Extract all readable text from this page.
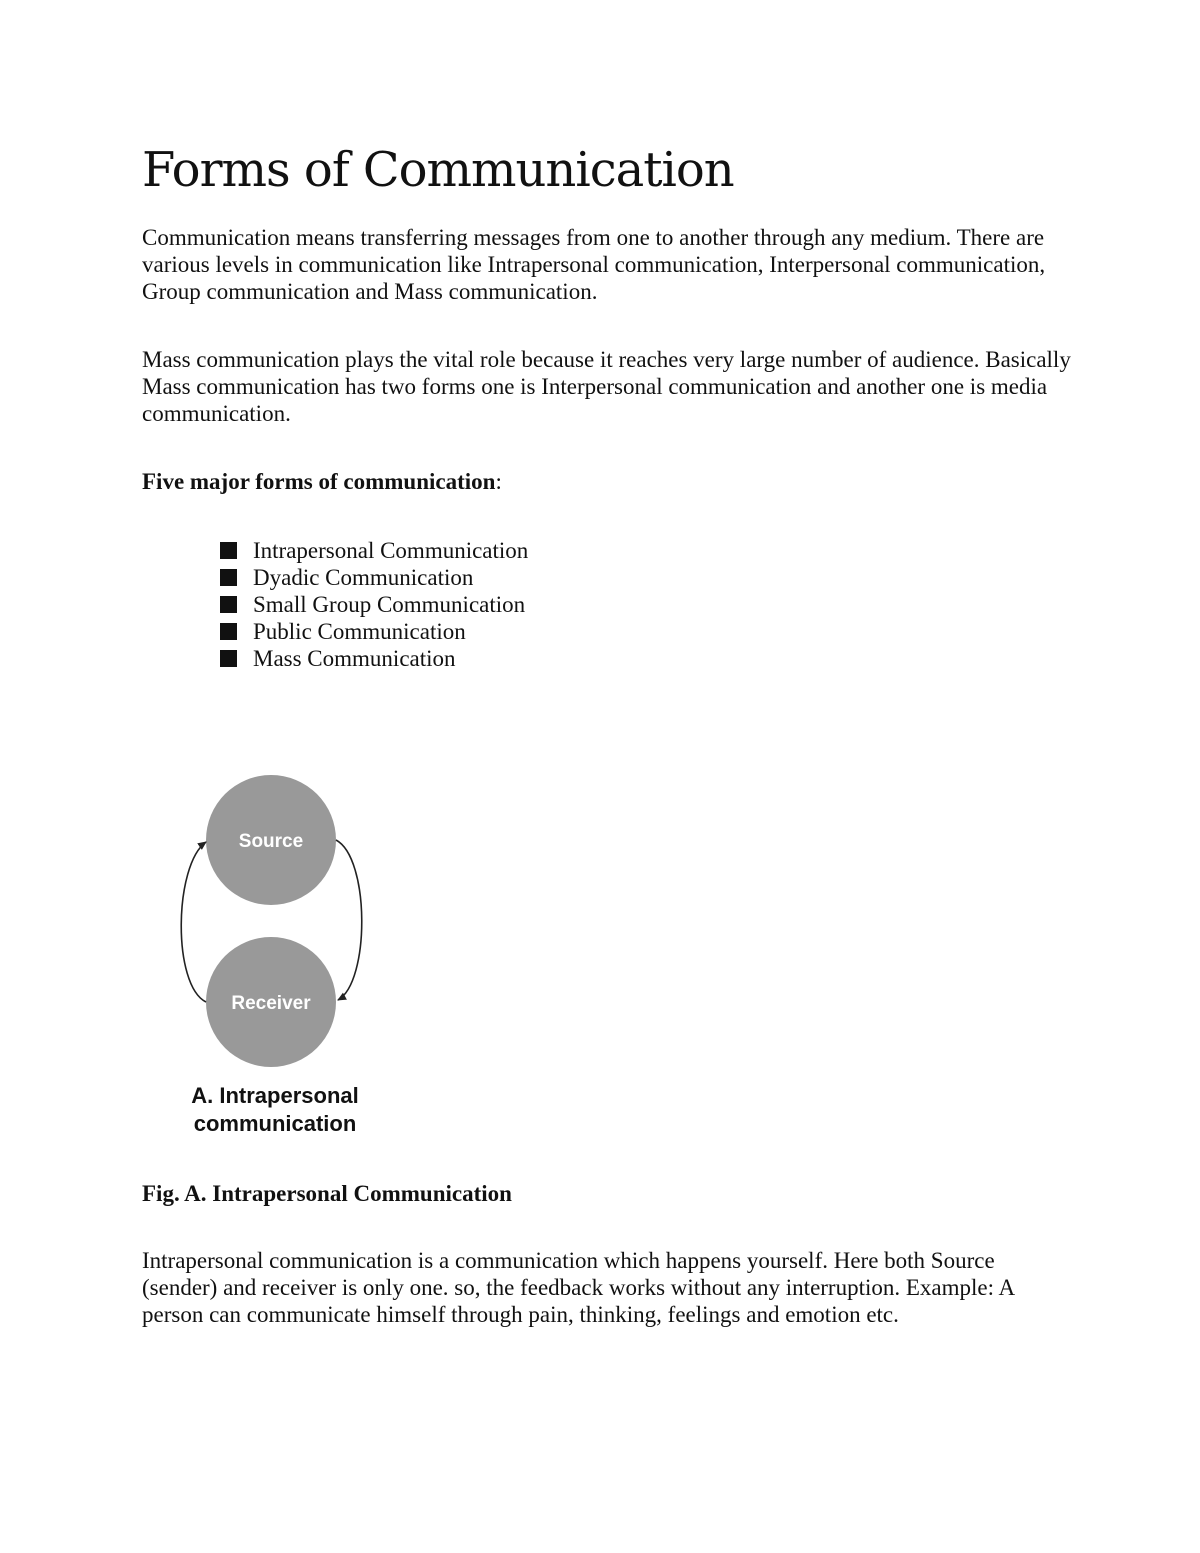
Forms of Communication

Communication means transferring messages from one to another through any medium. There are various levels in communication like Intrapersonal communication, Interpersonal communication, Group communication and Mass communication.

Mass communication plays the vital role because it reaches very large number of audience. Basically Mass communication has two forms one is Interpersonal communication and another one is media communication.

Five major forms of communication:

Intrapersonal Communication
Dyadic Communication
Small Group Communication
Public Communication
Mass Communication

Fig. A. Intrapersonal Communication

Intrapersonal communication is a communication which happens yourself. Here both Source (sender) and receiver is only one. so, the feedback works without any interruption. Example: A person can communicate himself through pain, thinking, feelings and emotion etc.

Source
Receiver
A. Intrapersonal
communication
